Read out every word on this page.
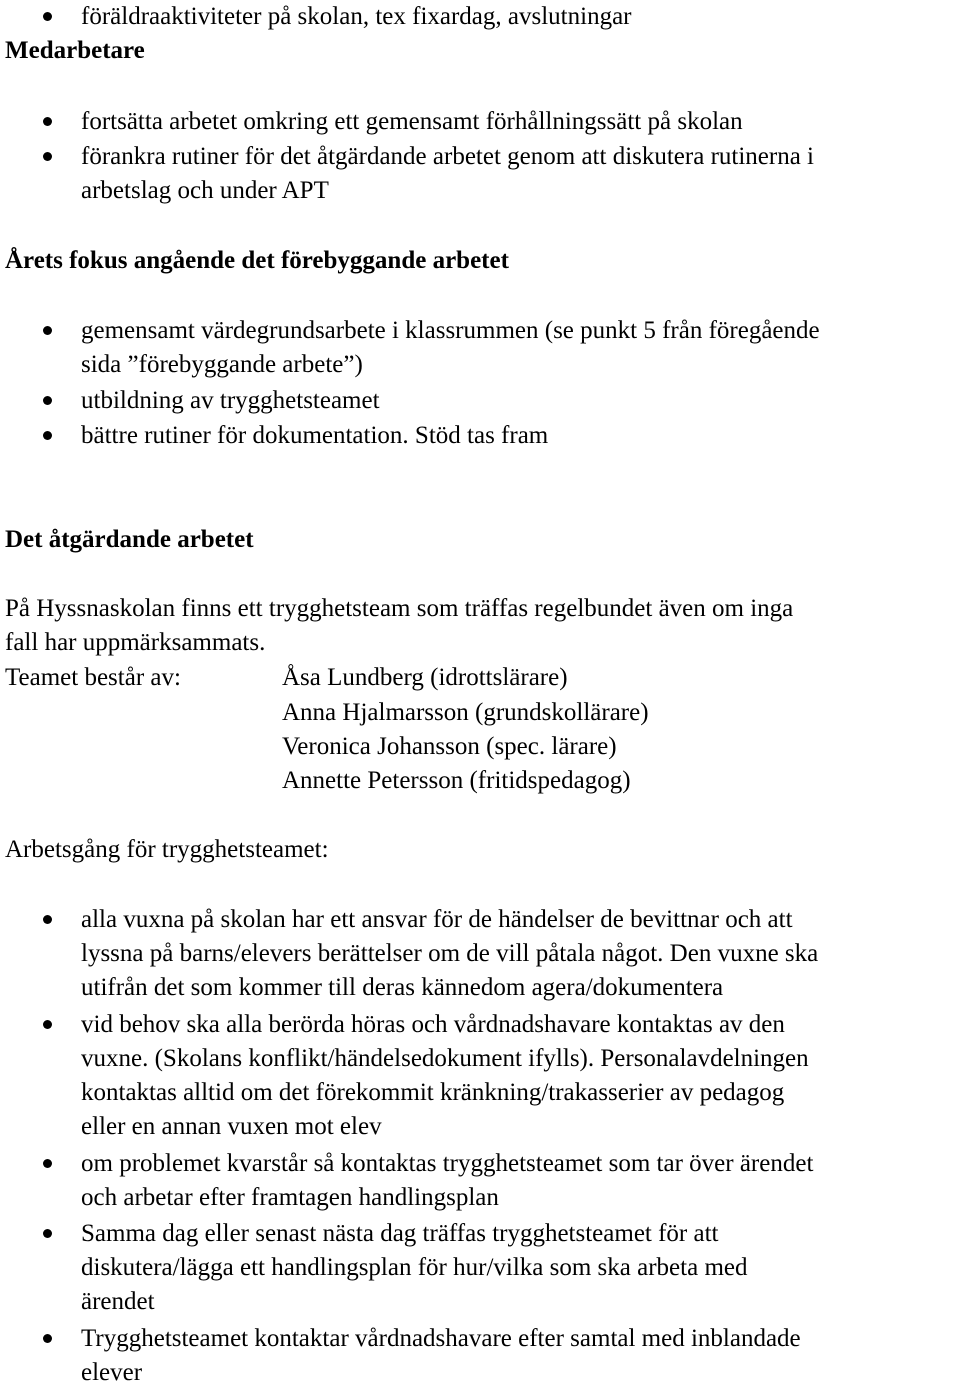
föräldraaktiviteter på skolan, tex fixardag, avslutningar
Medarbetare
fortsätta arbetet omkring ett gemensamt förhållningssätt på skolan
förankra rutiner för det åtgärdande arbetet genom att diskutera rutinerna i
arbetslag och under APT
Årets fokus angående det förebyggande arbetet
gemensamt värdegrundsarbete i klassrummen (se punkt 5 från föregående
sida ”förebyggande arbete”)
utbildning av trygghetsteamet
bättre rutiner för dokumentation. Stöd tas fram
Det åtgärdande arbetet
På Hyssnaskolan finns ett trygghetsteam som träffas regelbundet även om inga
fall har uppmärksammats.
Teamet består av:	Åsa Lundberg (idrottslärare)
Anna Hjalmarsson (grundskollärare)
Veronica Johansson (spec. lärare)
Annette Petersson (fritidspedagog)
Arbetsgång för trygghetsteamet:
alla vuxna på skolan har ett ansvar för de händelser de bevittnar och att
lyssna på barns/elevers berättelser om de vill påtala något. Den vuxne ska
utifrån det som kommer till deras kännedom agera/dokumentera
vid behov ska alla berörda höras och vårdnadshavare kontaktas av den
vuxne. (Skolans konflikt/händelsedokument ifylls). Personalavdelningen
kontaktas alltid om det förekommit kränkning/trakasserier av pedagog
eller en annan vuxen mot elev
om problemet kvarstår så kontaktas trygghetsteamet som tar över ärendet
och arbetar efter framtagen handlingsplan
Samma dag eller senast nästa dag träffas trygghetsteamet för att
diskutera/lägga ett handlingsplan för hur/vilka som ska arbeta med
ärendet
Trygghetsteamet kontaktar vårdnadshavare efter samtal med inblandade
elever
